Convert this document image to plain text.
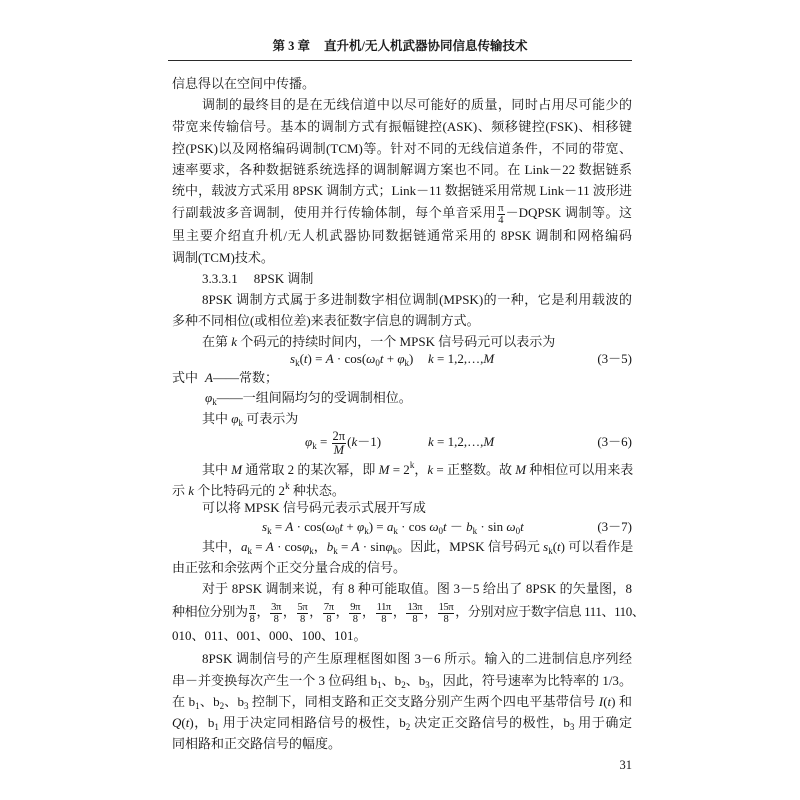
第 3 章 直升机/无人机武器协同信息传输技术
信息得以在空间中传播。
调制的最终目的是在无线信道中以尽可能好的质量，同时占用尽可能少的
带宽来传输信号。基本的调制方式有振幅键控(ASK)、频移键控(FSK)、相移键
控(PSK)以及网格编码调制(TCM)等。针对不同的无线信道条件，不同的带宽、
速率要求，各种数据链系统选择的调制解调方案也不同。在 Link－22 数据链系
统中，载波方式采用 8PSK 调制方式；Link－11 数据链采用常规 Link－11 波形进
行副载波多音调制，使用并行传输体制，每个单音采用 $\frac{\pi}{4}$ －DQPSK 调制等。这
里主要介绍直升机/无人机武器协同数据链通常采用的 8PSK 调制和网格编码
调制(TCM)技术。
3.3.3.1 8PSK 调制
8PSK 调制方式属于多进制数字相位调制(MPSK)的一种，它是利用载波的
多种不同相位(或相位差)来表征数字信息的调制方式。
在第 k 个码元的持续时间内，一个 MPSK 信号码元可以表示为
$s_k(t) = A \cdot \cos(\omega_0t + \varphi_k) k$ = 1,2,…,M	(3－5)
式中 A——常数；
$\varphi_k——$一组间隔均匀的受调制相位。
其中 $\varphi_k$ 可表示为
$\varphi_k = \frac{2\pi}{M} (k-1)$	k = 1,2,…,M	(3－6)
其中 M 通常取 2 的某次幂，即 $M = 2^k$，k = 正整数。故 M 种相位可以用来表
示 k 个比特码元的 2$^k$ 种状态。
可以将 MPSK 信号码元表示式展开写成
$s_k = A \cdot \cos(\omega_0t + \varphi_k) = a_k \cdot \cos \omega_0t - b_k \cdot \sin \omega_0t$	(3－7)
其中，$a_k = A \cdot \cos\varphi_k$，$b_k = A \cdot \sin\varphi_k$。因此，MPSK 信号码元 $s_k(t)$ 可以看作是
由正弦和余弦两个正交分量合成的信号。
对于 8PSK 调制来说，有 8 种可能取值。图 3－5 给出了 8PSK 的矢量图，8
种相位分别为 $\frac{\pi}{8}$ ， $\frac{3\pi}{8}$ ， $\frac{5\pi}{8}$ ， $\frac{7\pi}{8}$ ， $\frac{9\pi}{8}$ ， $\frac{11\pi}{8}$ ， $\frac{13\pi}{8}$ ， $\frac{15\pi}{8}$ ，分别对应于数字信息 111、110、
010、011、001、000、100、101。
8PSK 调制信号的产生原理框图如图 3－6 所示。输入的二进制信息序列经
串－并变换每次产生一个 3 位码组 $b_1$、$b_2$、$b_3$，因此，符号速率为比特率的 1/3。
在 $b_1$、$b_2$、$b_3$ 控制下，同相支路和正交支路分别产生两个四电平基带信号 I(t) 和
Q(t)，$b_1$ 用于决定同相路信号的极性，$b_2$ 决定正交路信号的极性，$b_3$ 用于确定
同相路和正交路信号的幅度。
31
